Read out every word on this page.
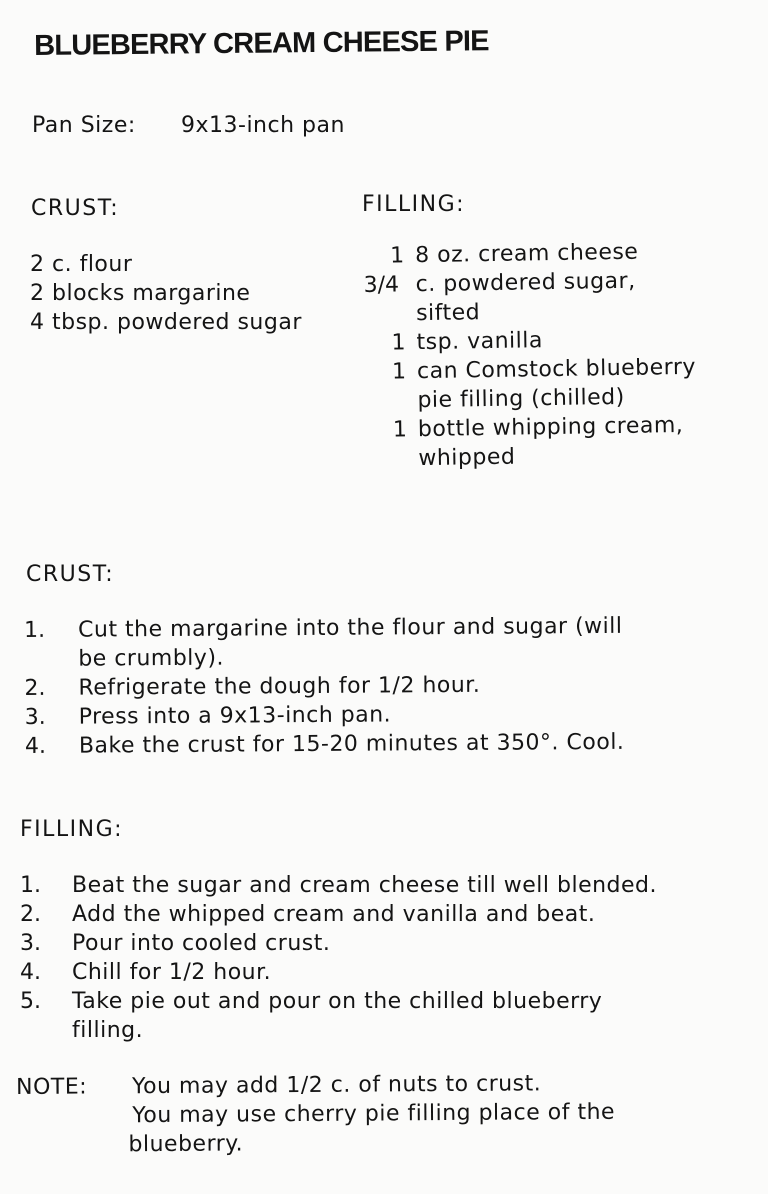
BLUEBERRY CREAM CHEESE PIE
Pan Size: 9x13-inch pan
CRUST:
2 c. flour
2 blocks margarine
4 tbsp. powdered sugar
FILLING:
1 8 oz. cream cheese
3/4 c. powdered sugar,
sifted
1 tsp. vanilla
1 can Comstock blueberry
pie filling (chilled)
1 bottle whipping cream,
whipped
CRUST:
1. Cut the margarine into the flour and sugar (will
be crumbly).
2. Refrigerate the dough for 1/2 hour.
3. Press into a 9x13-inch pan.
4. Bake the crust for 15-20 minutes at 350°. Cool.
FILLING:
1. Beat the sugar and cream cheese till well blended.
2. Add the whipped cream and vanilla and beat.
3. Pour into cooled crust.
4. Chill for 1/2 hour.
5. Take pie out and pour on the chilled blueberry
filling.
NOTE: You may add 1/2 c. of nuts to crust.
You may use cherry pie filling place of the
blueberry.
